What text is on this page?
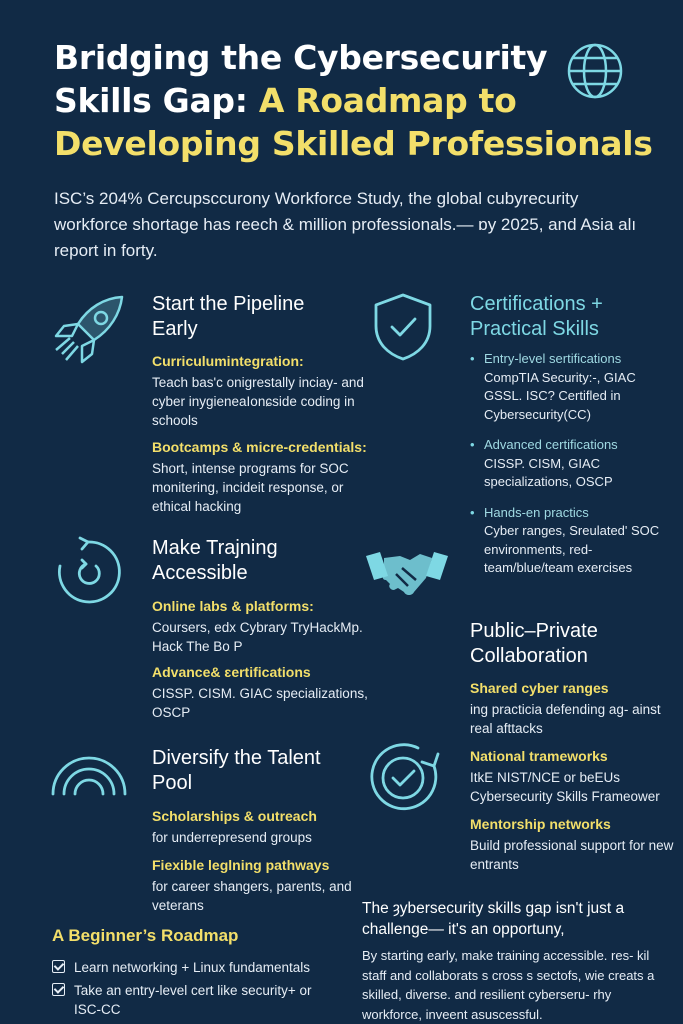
Bridging the Cybersecurity Skills Gap: A Roadmap to Developing Skilled Professionals
ISC’s 204% Cercupsccurony Workforce Study, the global cubyrecurity workforce shortage has reech & million professionals.— ɒy 2025, and Asia alı report in forty.
Start the Pipeline Early
Curriculumintegration:
Teach bas'c onigrestally inciay- and cyber inygieneaIonɕside coding in schools
Bootcamps & micre-credentials:
Short, intense programs for SOC monitering, incideit response, or ethical hacking
Make Trajning Accessible
Online labs & platforms:
Coursers, edx Cybrary TryHackMp. Hack The Bo P
Advance& ɛertifications
CISSP. CISM. GIAC specializations, OSCP
Diversify the Talent Pool
Scholarships & outreach
for underrepresend groups
Fiexible leglning pathways
for career shangers, parents, and veterans
A Beginner’s Roadmap
Learn networking + Linux fundamentals
Take an entry-level cert like security+ or ISC-CC
Certifications + Practical Skills
• Entry-level sertifications
CompTIA Security:-, GIAC GSSL. ISC? Certifled in Cybersecurity(CC)
• Advanced certifications
CISSP. CISM, GIAC specializations, OSCP
• Hands-en practics
Cyber ranges, Sreulated' SOC environments, red-team/blue/team exercises
Public–Private Collaboration
Shared cyber ranges
ing practicia defending ag- ainst real afttacks
National trameworks
ItkE NIST/NCE or beEUs Cybersecurity Skills Frameower
Mentorship networks
Build professional support for new entrants
The ȝybersecurity skills gap isn't just a challenge— it's an opportuny,
By starting early, make training accessible. res- kil staff and collaborats s cross s sectofs, wie creats a skilled, diverse. and resilient cyberseru- rhy workforce, inveent asuscessful.
